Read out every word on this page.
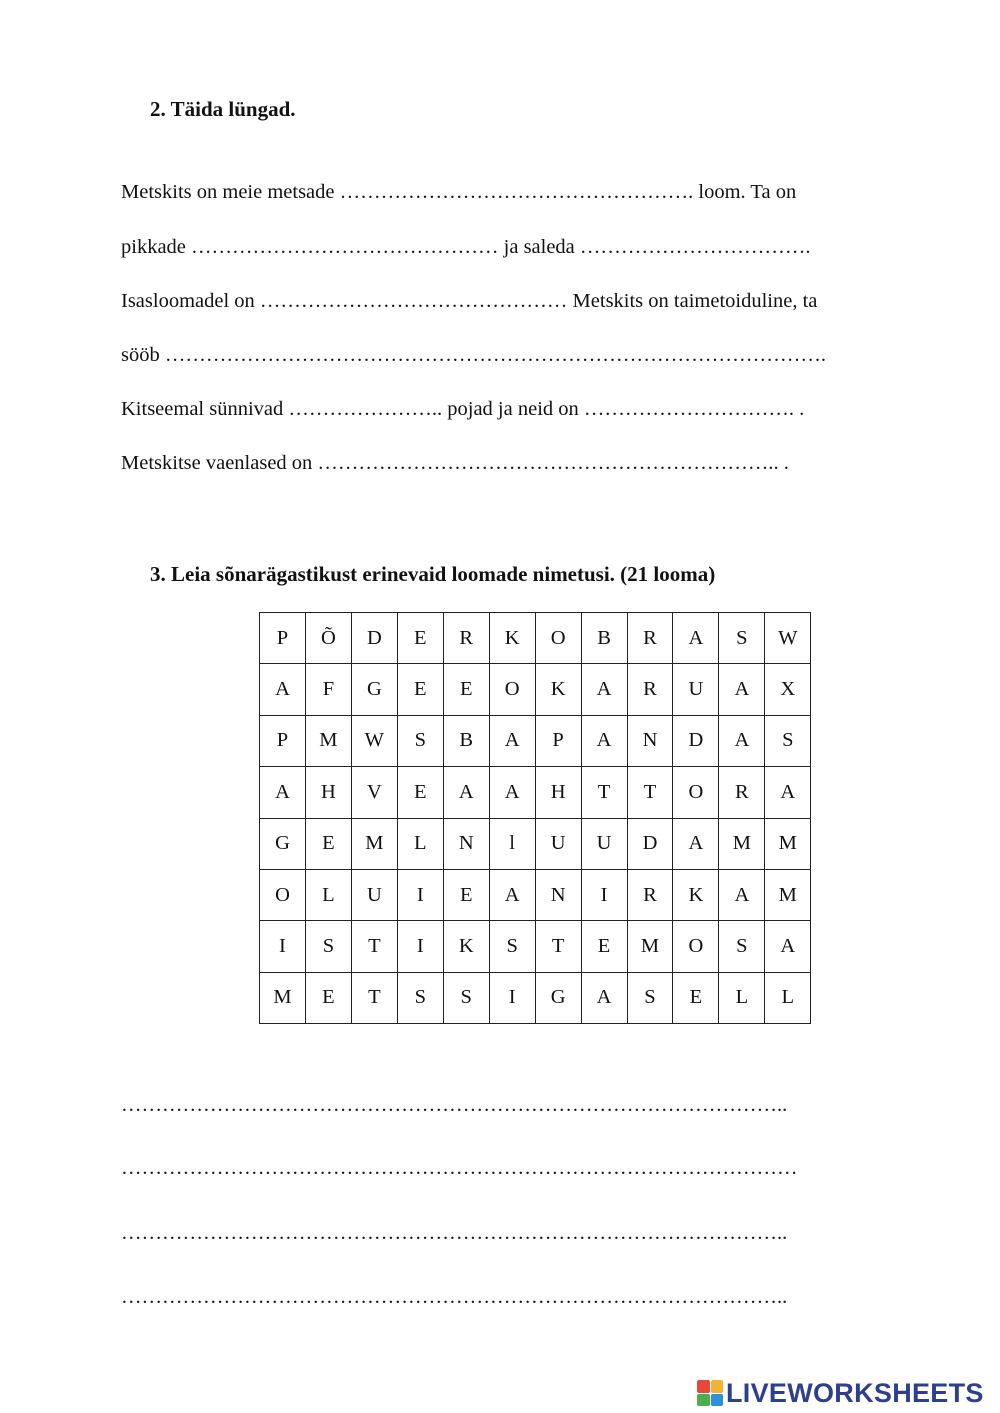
2. Täida lüngad.
Metskits on meie metsade ……………………………………………. loom. Ta on
pikkade ……………………………………… ja saleda …………………………….
Isasloomadel on ……………………………………… Metskits on taimetoiduline, ta
sööb …………………………………………………………………………………….
Kitseemal sünnivad ………………….. pojad ja neid on …………………………. .
Metskitse vaenlased on ………………………………………………………….. .
3. Leia sõnarägastikust erinevaid loomade nimetusi. (21 looma)
P	Õ	D	E	R	K	O	B	R	A	S	W
A	F	G	E	E	O	K	A	R	U	A	X
P	M	W	S	B	A	P	A	N	D	A	S
A	H	V	E	A	A	H	T	T	O	R	A
G	E	M	L	N	l	U	U	D	A	M	M
O	L	U	I	E	A	N	I	R	K	A	M
I	S	T	I	K	S	T	E	M	O	S	A
M	E	T	S	S	I	G	A	S	E	L	L
……………………………………………………………………………………..
………………………………………………………………………………………
……………………………………………………………………………………..
……………………………………………………………………………………..
LIVEWORKSHEETS
